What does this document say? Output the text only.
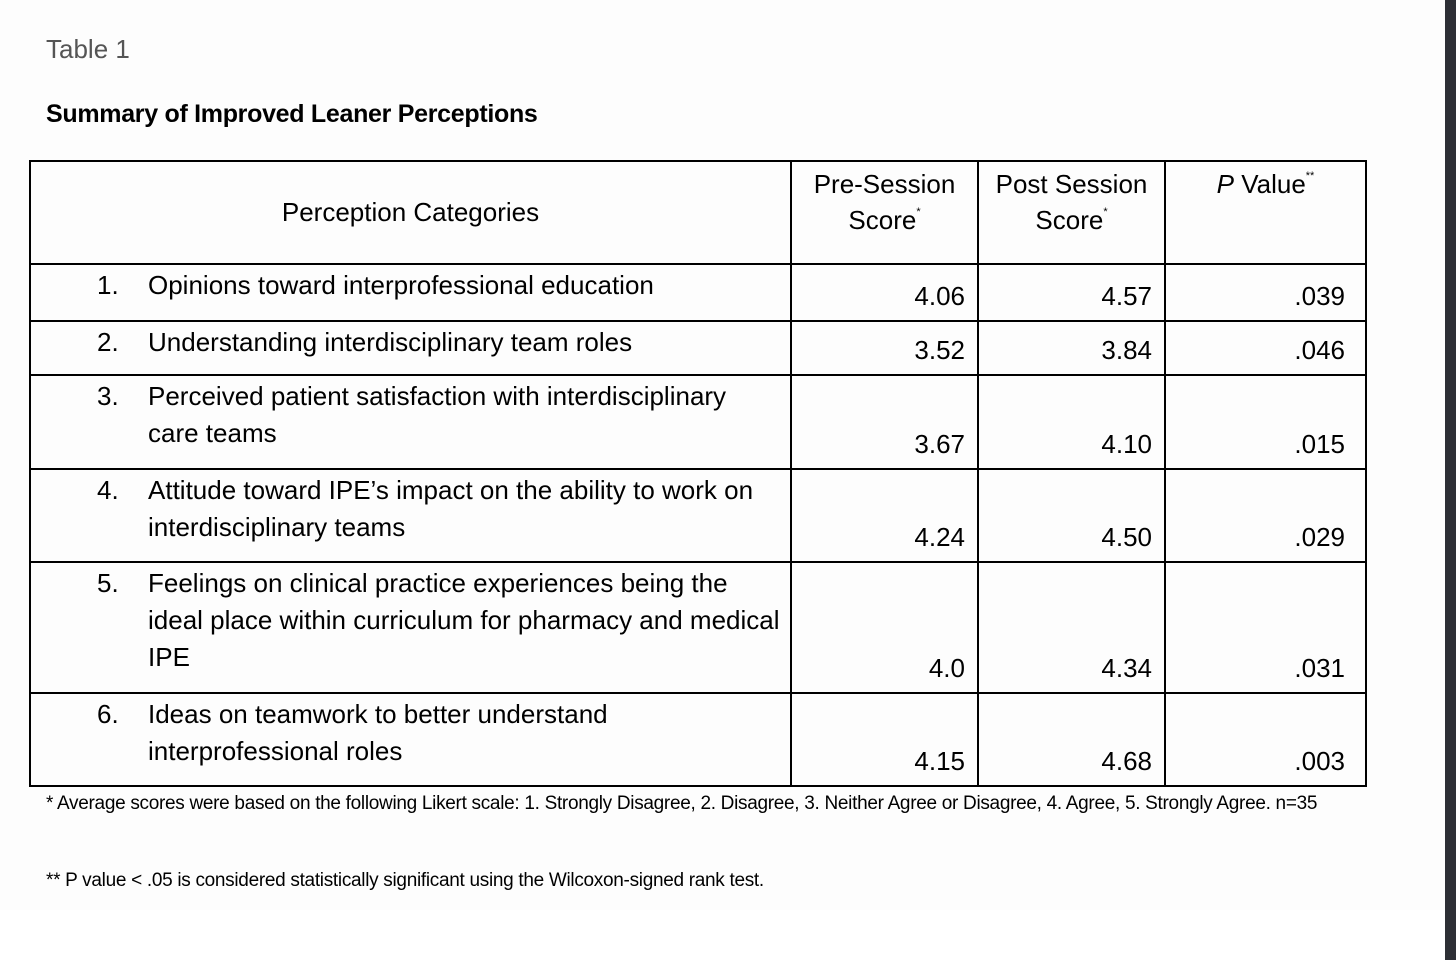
Table 1
Summary of Improved Leaner Perceptions
Perception Categories	Pre-Session Score*	Post Session Score*	P Value**

1. Opinions toward interprofessional education	4.06	4.57	.039

2. Understanding interdisciplinary team roles	3.52	3.84	.046

3. Perceived patient satisfaction with interdisciplinary care teams	3.67	4.10	.015

4. Attitude toward IPE’s impact on the ability to work on interdisciplinary teams	4.24	4.50	.029

5. Feelings on clinical practice experiences being the ideal place within curriculum for pharmacy and medical IPE	4.0	4.34	.031

6. Ideas on teamwork to better understand interprofessional roles	4.15	4.68	.003
* Average scores were based on the following Likert scale: 1. Strongly Disagree, 2. Disagree, 3. Neither Agree or Disagree, 4. Agree, 5. Strongly Agree. n=35
** P value < .05 is considered statistically significant using the Wilcoxon-signed rank test.
